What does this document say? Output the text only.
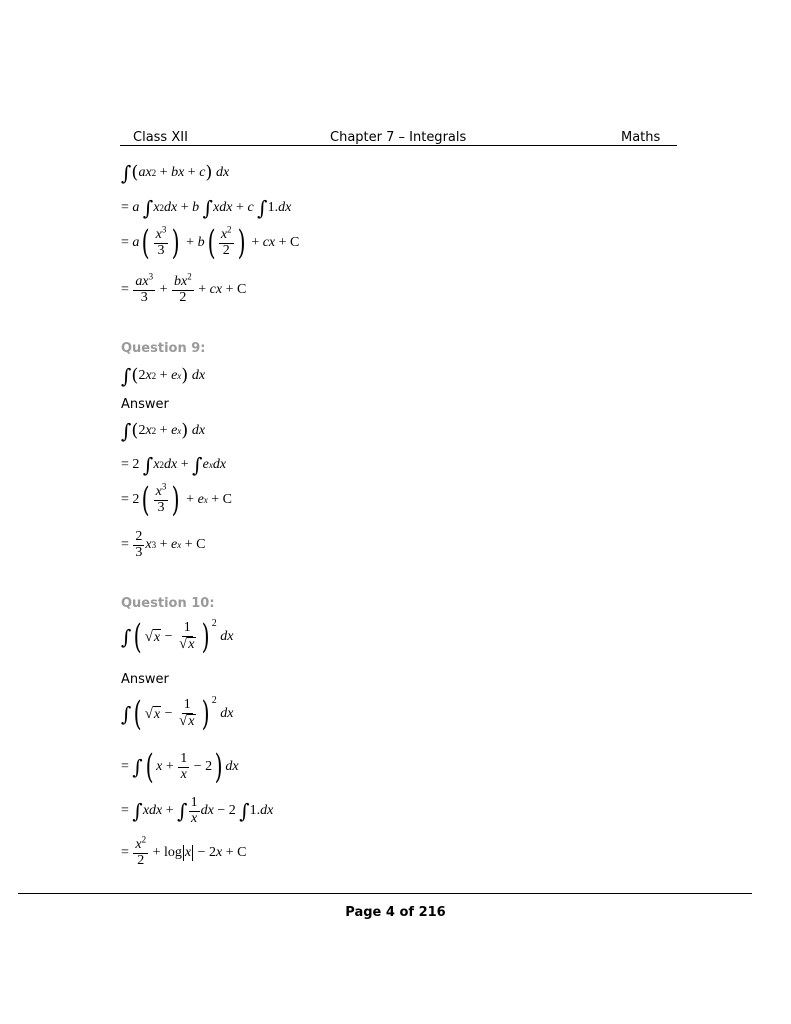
Class XII	Chapter 7 – Integrals	Maths
∫ ( ax 2 + bx + c )
dx
= a
∫ x 2 dx + b
∫ xdx + c
∫ 1. dx
= a ( $\frac{x^3}{3}$ ) + b ( $\frac{x^2}{2}$ ) + cx + C
= $\frac{ax^3}{3} + \frac{bx^2}{2}$ + cx + C
Question 9:
∫ ( 2 x 2 + e x )
dx
Answer
∫ ( 2 x 2 + e x )
dx
= 2 ∫ x 2 dx + ∫ e x dx
= 2 ( $\frac{x^3}{3}$ ) + e x + C
= $\frac{2}{3}$ x 3 + e x + C
Question 10:
∫ ( √ $x - \frac{1}{√ x}$ ) 2

dx
Answer
∫ ( √ $x - \frac{1}{√ x}$ ) 2

dx
= ∫ ( $x + \frac{1}{x} - 2$ ) dx
= ∫ xdx + ∫ $\frac{1}{x}$ dx − 2 ∫ 1. dx
= $\frac{x^2}{2} + \log x - 2$ x + C
Page 4 of 216
